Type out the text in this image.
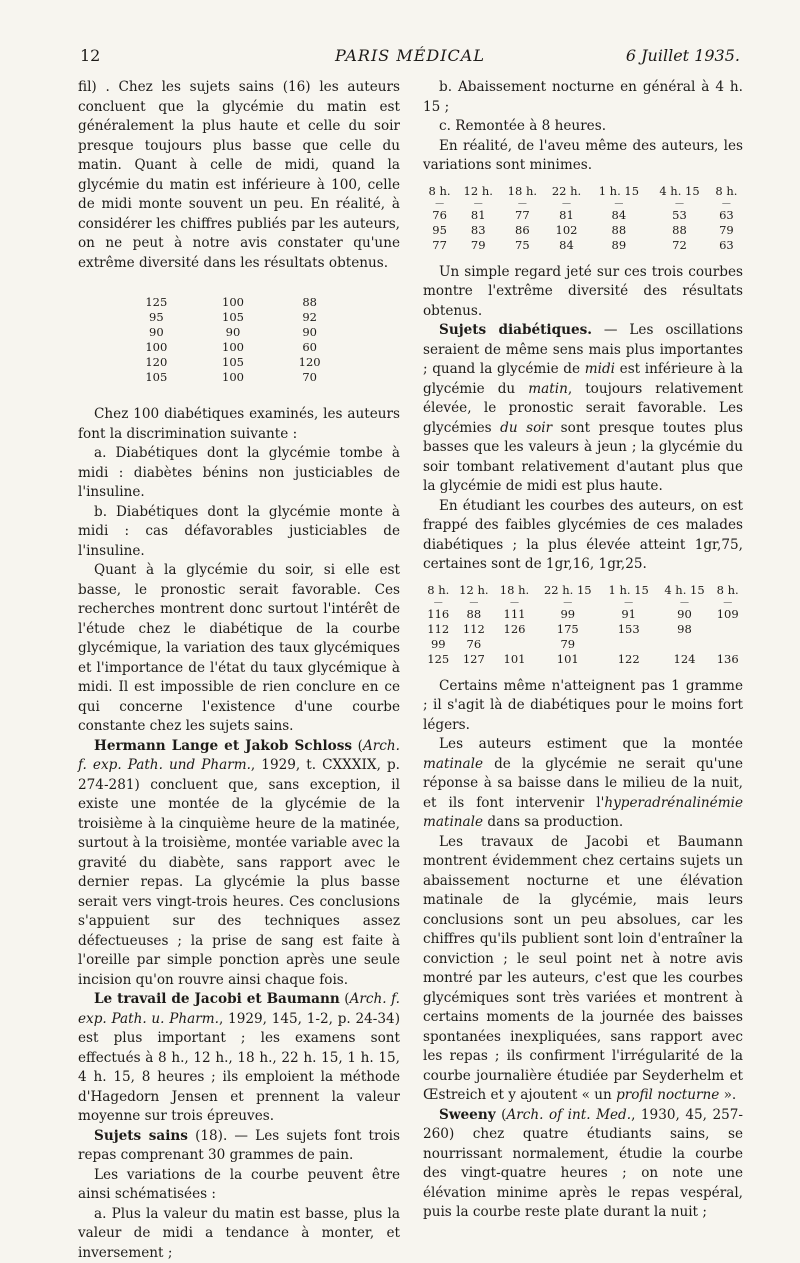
12	PARIS MÉDICAL	6 Juillet 1935.

fil) . Chez les sujets sains (16) les auteurs concluent que la glycémie du matin est généralement la plus haute et celle du soir presque toujours plus basse que celle du matin. Quant à celle de midi, quand la glycémie du matin est inférieure à 100, celle de midi monte souvent un peu. En réalité, à considérer les chiffres publiés par les auteurs, on ne peut à notre avis constater qu'une extrême diversité dans les résultats obtenus.

125	100	88
95	105	92
90	90	90
100	100	60
120	105	120
105	100	70

Chez 100 diabétiques examinés, les auteurs font la discrimination suivante :

a. Diabétiques dont la glycémie tombe à midi : diabètes bénins non justiciables de l'insuline.

b. Diabétiques dont la glycémie monte à midi : cas défavorables justiciables de l'insuline.

Quant à la glycémie du soir, si elle est basse, le pronostic serait favorable. Ces recherches montrent donc surtout l'intérêt de l'étude chez le diabétique de la courbe glycémique, la variation des taux glycémiques et l'importance de l'état du taux glycémique à midi. Il est impossible de rien conclure en ce qui concerne l'existence d'une courbe constante chez les sujets sains.

Hermann Lange et Jakob Schloss (Arch. f. exp. Path. und Pharm., 1929, t. CXXXIX, p. 274-281) concluent que, sans exception, il existe une montée de la glycémie de la troisième à la cinquième heure de la matinée, surtout à la troisième, montée variable avec la gravité du diabète, sans rapport avec le dernier repas. La glycémie la plus basse serait vers vingt-trois heures. Ces conclusions s'appuient sur des techniques assez défectueuses ; la prise de sang est faite à l'oreille par simple ponction après une seule incision qu'on rouvre ainsi chaque fois.

Le travail de Jacobi et Baumann (Arch. f. exp. Path. u. Pharm., 1929, 145, 1-2, p. 24-34) est plus important ; les examens sont effectués à 8 h., 12 h., 18 h., 22 h. 15, 1 h. 15, 4 h. 15, 8 heures ; ils emploient la méthode d'Hagedorn Jensen et prennent la valeur moyenne sur trois épreuves.

Sujets sains (18). — Les sujets font trois repas comprenant 30 grammes de pain.

Les variations de la courbe peuvent être ainsi schématisées :

a. Plus la valeur du matin est basse, plus la valeur de midi a tendance à monter, et inversement ;

b. Abaissement nocturne en général à 4 h. 15 ;

c. Remontée à 8 heures.

En réalité, de l'aveu même des auteurs, les variations sont minimes.

8 h.	12 h.	18 h.	22 h.	1 h. 15	4 h. 15	8 h.
—	—	—	—	—	—	—
76	81	77	81	84	53	63
95	83	86	102	88	88	79
77	79	75	84	89	72	63

Un simple regard jeté sur ces trois courbes montre l'extrême diversité des résultats obtenus.

Sujets diabétiques. — Les oscillations seraient de même sens mais plus importantes ; quand la glycémie de midi est inférieure à la glycémie du matin, toujours relativement élevée, le pronostic serait favorable. Les glycémies du soir sont presque toutes plus basses que les valeurs à jeun ; la glycémie du soir tombant relativement d'autant plus que la glycémie de midi est plus haute.

En étudiant les courbes des auteurs, on est frappé des faibles glycémies de ces malades diabétiques ; la plus élevée atteint 1gr,75, certaines sont de 1gr,16, 1gr,25.

8 h.	12 h.	18 h.	22 h. 15	1 h. 15	4 h. 15	8 h.
—	—	—	—	—	—	—
116	88	111	99	91	90	109
112	112	126	175	153	98	
99	76		79			
125	127	101	101	122	124	136

Certains même n'atteignent pas 1 gramme ; il s'agit là de diabétiques pour le moins fort légers.

Les auteurs estiment que la montée matinale de la glycémie ne serait qu'une réponse à sa baisse dans le milieu de la nuit, et ils font intervenir l'hyperadrénalinémie matinale dans sa production.

Les travaux de Jacobi et Baumann montrent évidemment chez certains sujets un abaissement nocturne et une élévation matinale de la glycémie, mais leurs conclusions sont un peu absolues, car les chiffres qu'ils publient sont loin d'entraîner la conviction ; le seul point net à notre avis montré par les auteurs, c'est que les courbes glycémiques sont très variées et montrent à certains moments de la journée des baisses spontanées inexpliquées, sans rapport avec les repas ; ils confirment l'irrégularité de la courbe journalière étudiée par Seyderhelm et Œstreich et y ajoutent « un profil nocturne ».

Sweeny (Arch. of int. Med., 1930, 45, 257-260) chez quatre étudiants sains, se nourrissant normalement, étudie la courbe des vingt-quatre heures ; on note une élévation minime après le repas vespéral, puis la courbe reste plate durant la nuit ;
